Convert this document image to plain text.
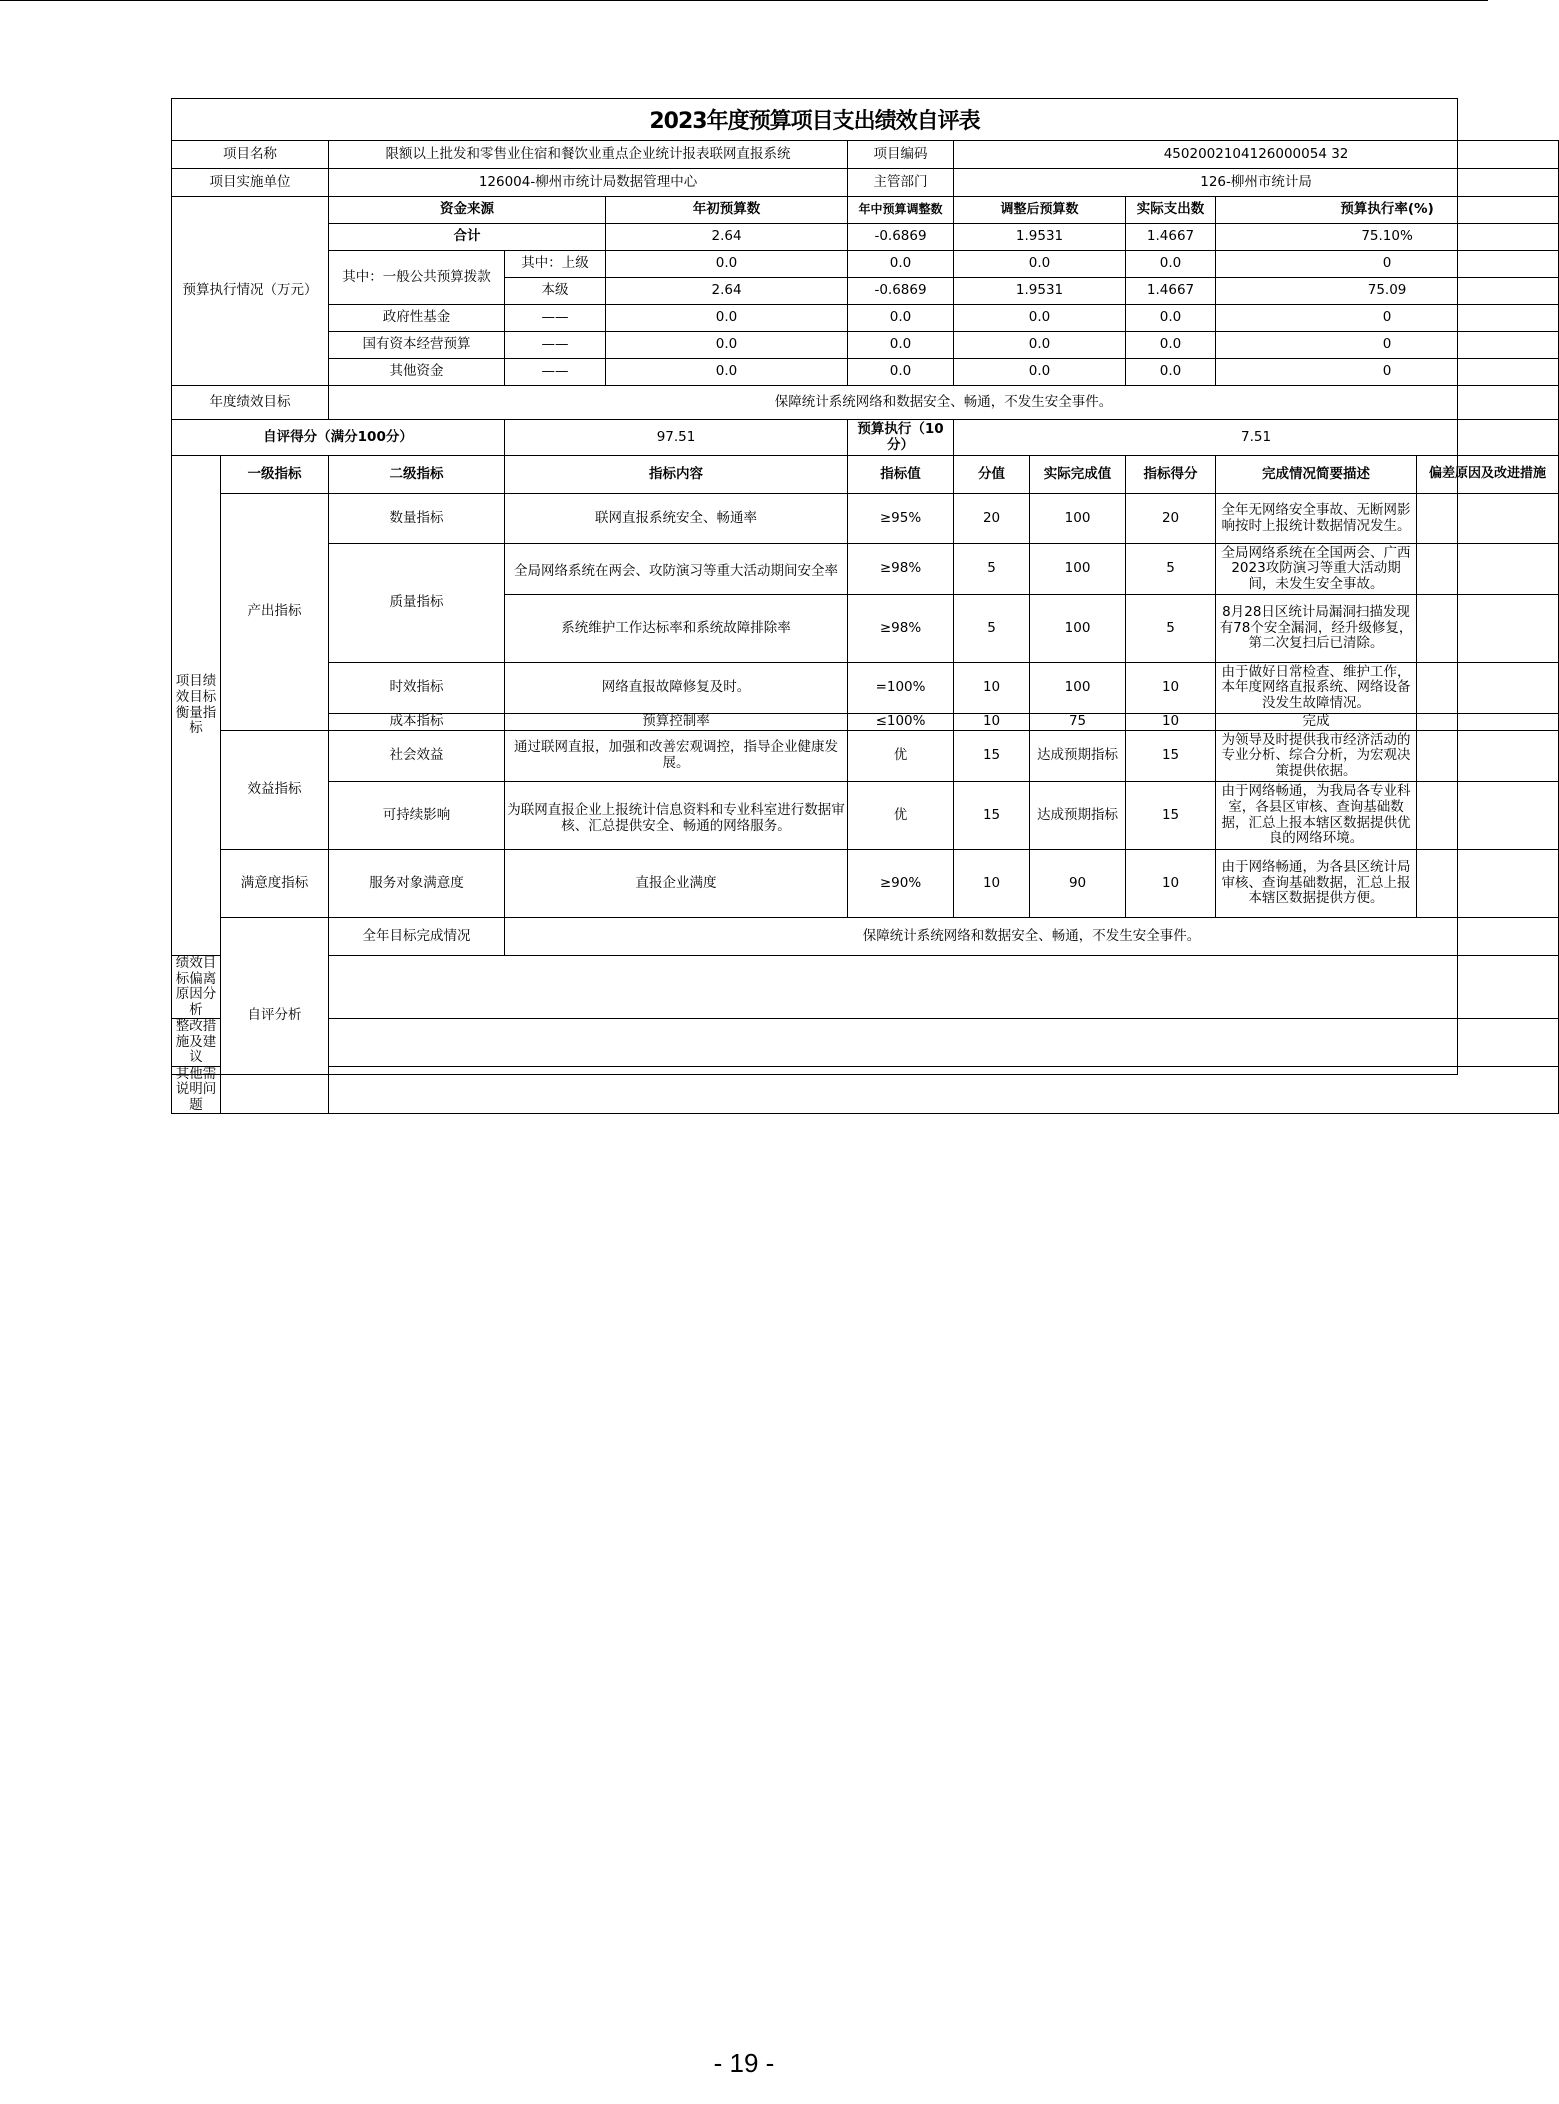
2023年度预算项目支出绩效自评表
项目名称		限额以上批发和零售业住宿和餐饮业重点企业统计报表联网直报系统			项目编码	4502002104126000054 32				
项目实施单位		126004-柳州市统计局数据管理中心			主管部门	126-柳州市统计局				
预算执行情况（万元）		资金来源		年初预算数	年中预算调整数	调整后预算数		实际支出数	预算执行率(%)	
		合计		2.64	-0.6869	1.9531		1.4667	75.10%	
		其中：一般公共预算拨款	其中：上级	0.0	0.0	0.0		0.0	0	
			本级	2.64	-0.6869	1.9531		1.4667	75.09	
		政府性基金	——	0.0	0.0	0.0		0.0	0	
		国有资本经营预算	——	0.0	0.0	0.0		0.0	0	
		其他资金	——	0.0	0.0	0.0		0.0	0	
年度绩效目标		保障统计系统网络和数据安全、畅通，不发生安全事件。								
自评得分（满分100分）			97.51		预算执行（10分）	7.51				
项目绩效目标衡量指标	一级指标	二级指标	指标内容		指标值	分值	实际完成值	指标得分	完成情况简要描述	偏差原因及改进措施
	产出指标	数量指标	联网直报系统安全、畅通率		≥95%	20	100	20	全年无网络安全事故、无断网影响按时上报统计数据情况发生。	
		质量指标	全局网络系统在两会、攻防演习等重大活动期间安全率		≥98%	5	100	5	全局网络系统在全国两会、广西2023攻防演习等重大活动期间，未发生安全事故。	
			系统维护工作达标率和系统故障排除率		≥98%	5	100	5	8月28日区统计局漏洞扫描发现有78个安全漏洞，经升级修复，第二次复扫后已清除。	
		时效指标	网络直报故障修复及时。		=100%	10	100	10	由于做好日常检查、维护工作，本年度网络直报系统、网络设备没发生故障情况。	
		成本指标	预算控制率		≤100%	10	75	10	完成	
	效益指标	社会效益	通过联网直报，加强和改善宏观调控，指导企业健康发展。		优	15	达成预期指标	15	为领导及时提供我市经济活动的专业分析、综合分析，为宏观决策提供依据。	
		可持续影响	为联网直报企业上报统计信息资料和专业科室进行数据审核、汇总提供安全、畅通的网络服务。		优	15	达成预期指标	15	由于网络畅通，为我局各专业科室，各县区审核、查询基础数据，汇总上报本辖区数据提供优良的网络环境。	
	满意度指标	服务对象满意度	直报企业满度		≥90%	10	90	10	由于网络畅通，为各县区统计局审核、查询基础数据，汇总上报本辖区数据提供方便。	
	自评分析	全年目标完成情况	保障统计系统网络和数据安全、畅通，不发生安全事件。							
绩效目标偏离原因分析										
整改措施及建议										
其他需说明问题										
- 19 -
